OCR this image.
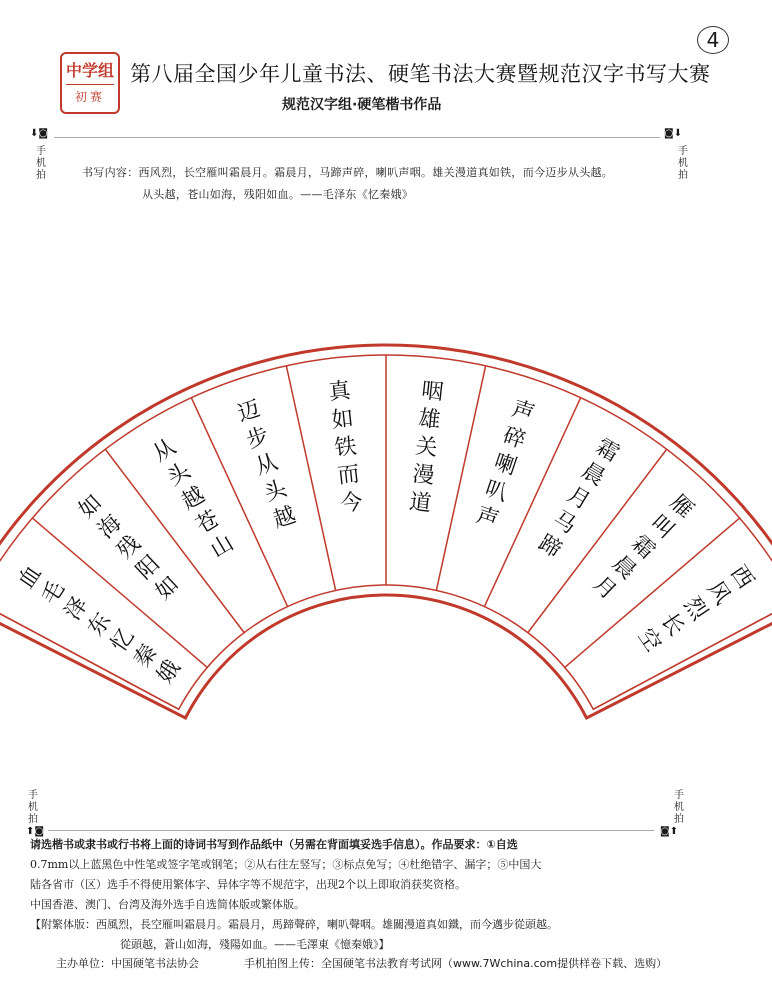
4
中学组
初赛
第八届全国少年儿童书法、硬笔书法大赛暨规范汉字书写大赛
规范汉字组·硬笔楷书作品
⬇◙
手机拍
◙⬇
手机拍
书写内容：西风烈，长空雁叫霜晨月。霜晨月，马蹄声碎，喇叭声咽。雄关漫道真如铁，而今迈步从头越。
从头越，苍山如海，残阳如血。——毛泽东《忆秦娥》
西
风
烈
长
空
雁
叫
霜
晨
月
霜
晨
月
马
蹄
声
碎
喇
叭
声
咽
雄
关
漫
道
真
如
铁
而
今
迈
步
从
头
越
从
头
越
苍
山
如
海
残
阳
如
血
毛
泽
东
忆
秦
娥
手机拍
⬆◙
手机拍
◙⬆
请选楷书或隶书或行书将上面的诗词书写到作品纸中（另需在背面填妥选手信息）。作品要求：①自选
0.7mm以上蓝黑色中性笔或签字笔或钢笔；②从右往左竖写；③标点免写；④杜绝错字、漏字；⑤中国大
陆各省市（区）选手不得使用繁体字、异体字等不规范字，出现2个以上即取消获奖资格。
中国香港、澳门、台湾及海外选手自选简体版或繁体版。
【附繁体版：西風烈，長空雁叫霜晨月。霜晨月，馬蹄聲碎，喇叭聲咽。雄關漫道真如鐵，而今邁步從頭越。
從頭越，蒼山如海，殘陽如血。——毛澤東《憶秦娥》】
主办单位：中国硬笔书法协会	手机拍图上传：全国硬笔书法教育考试网（www.7Wchina.com提供样卷下载、选购）
